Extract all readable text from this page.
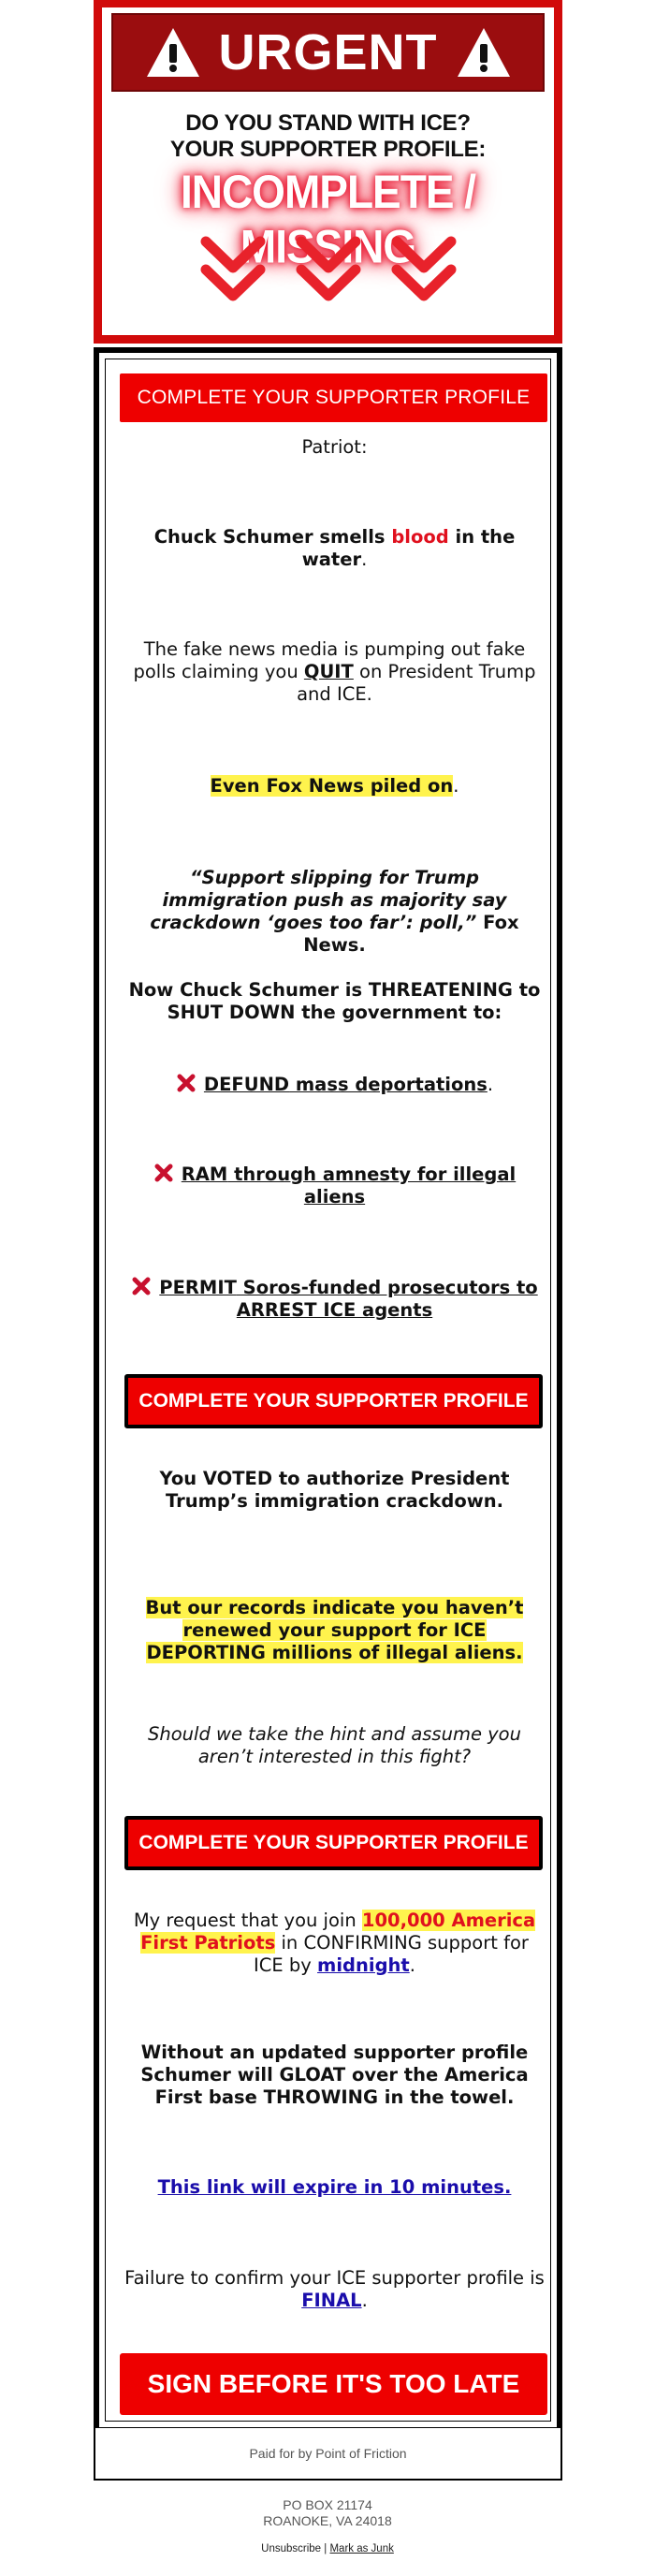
URGENT
DO YOU STAND WITH ICE?
YOUR SUPPORTER PROFILE:
INCOMPLETE / MISSING
COMPLETE YOUR SUPPORTER PROFILE
Patriot:
Chuck Schumer smells blood in the water.
The fake news media is pumping out fake polls claiming you QUIT on President Trump and ICE.
Even Fox News piled on.
“Support slipping for Trump immigration push as majority say crackdown ‘goes too far’: poll,” Fox News.
Now Chuck Schumer is THREATENING to SHUT DOWN the government to:
DEFUND mass deportations.
RAM through amnesty for illegal aliens
PERMIT Soros-funded prosecutors to ARREST ICE agents
COMPLETE YOUR SUPPORTER PROFILE
You VOTED to authorize President Trump’s immigration crackdown.
But our records indicate you haven’t renewed your support for ICE DEPORTING millions of illegal aliens.
Should we take the hint and assume you aren’t interested in this fight?
COMPLETE YOUR SUPPORTER PROFILE
My request that you join 100,000 America First Patriots in CONFIRMING support for ICE by midnight.
Without an updated supporter profile Schumer will GLOAT over the America First base THROWING in the towel.
This link will expire in 10 minutes.
Failure to confirm your ICE supporter profile is FINAL.
SIGN BEFORE IT'S TOO LATE
Paid for by Point of Friction
PO BOX 21174
ROANOKE, VA 24018
Unsubscribe | Mark as Junk
